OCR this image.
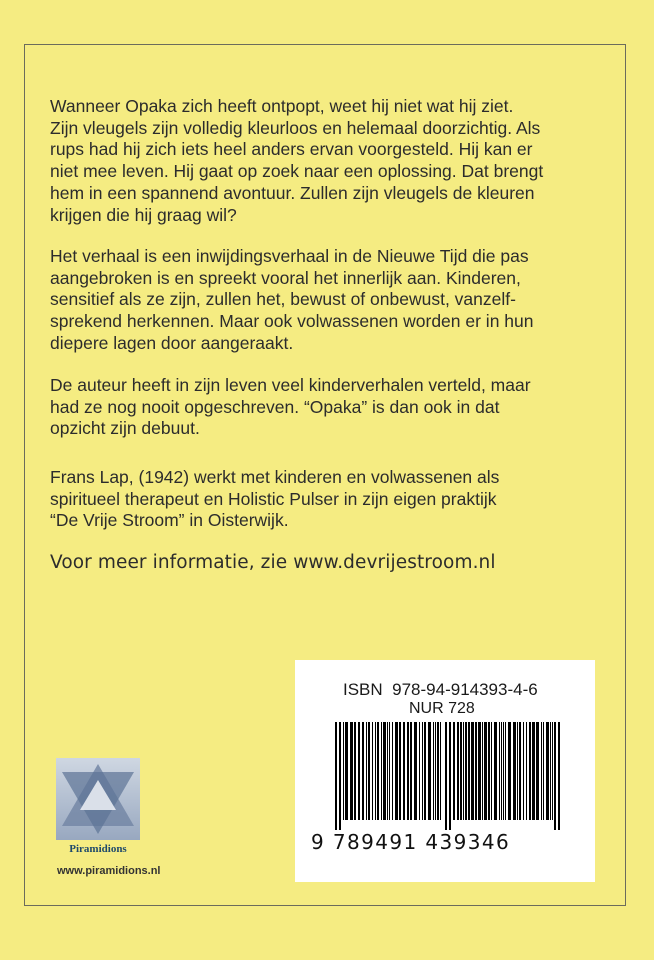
Wanneer Opaka zich heeft ontpopt, weet hij niet wat hij ziet.
Zijn vleugels zijn volledig kleurloos en helemaal doorzichtig. Als
rups had hij zich iets heel anders ervan voorgesteld. Hij kan er
niet mee leven. Hij gaat op zoek naar een oplossing. Dat brengt
hem in een spannend avontuur. Zullen zijn vleugels de kleuren
krijgen die hij graag wil?
Het verhaal is een inwijdingsverhaal in de Nieuwe Tijd die pas
aangebroken is en spreekt vooral het innerlijk aan. Kinderen,
sensitief als ze zijn, zullen het, bewust of onbewust, vanzelf-
sprekend herkennen. Maar ook volwassenen worden er in hun
diepere lagen door aangeraakt.
De auteur heeft in zijn leven veel kinderverhalen verteld, maar
had ze nog nooit opgeschreven. “Opaka” is dan ook in dat
opzicht zijn debuut.
Frans Lap, (1942) werkt met kinderen en volwassenen als
spiritueel therapeut en Holistic Pulser in zijn eigen praktijk
“De Vrije Stroom” in Oisterwijk.
Voor meer informatie, zie www.devrijestroom.nl
ISBN 978-94-914393-4-6
NUR 728
9 789491 439346
Piramidions
www.piramidions.nl
